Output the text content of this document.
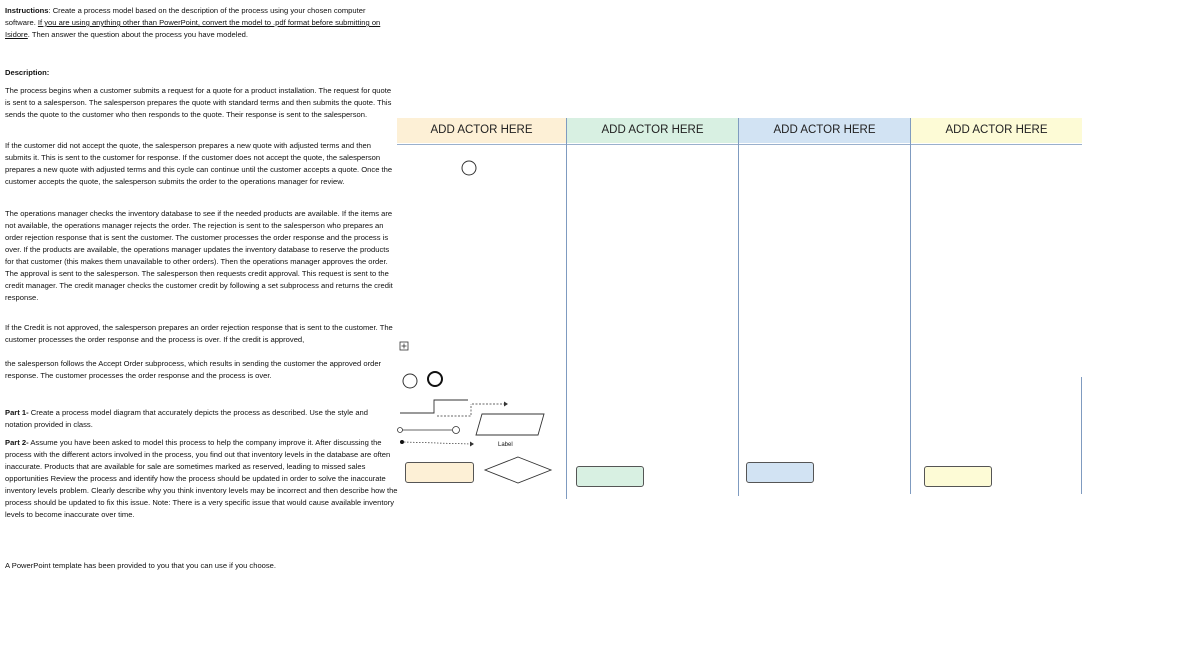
Instructions: Create a process model based on the description of the process using your chosen computer software. If you are using anything other than PowerPoint, convert the model to .pdf format before submitting on Isidore. Then answer the question about the process you have modeled.

Description:

The process begins when a customer submits a request for a quote for a product installation. The request for quote is sent to a salesperson. The salesperson prepares the quote with standard terms and then submits the quote. This sends the quote to the customer who then responds to the quote. Their response is sent to the salesperson.
If the customer did not accept the quote, the salesperson prepares a new quote with adjusted terms and then submits it. This is sent to the customer for response. If the customer does not accept the quote, the salesperson prepares a new quote with adjusted terms and this cycle can continue until the customer accepts a quote. Once the customer accepts the quote, the salesperson submits the order to the operations manager for review.
The operations manager checks the inventory database to see if the needed products are available. If the items are not available, the operations manager rejects the order. The rejection is sent to the salesperson who prepares an order rejection response that is sent the customer. The customer processes the order response and the process is over. If the products are available, the operations manager updates the inventory database to reserve the products for that customer (this makes them unavailable to other orders). Then the operations manager approves the order. The approval is sent to the salesperson. The salesperson then requests credit approval. This request is sent to the credit manager. The credit manager checks the customer credit by following a set subprocess and returns the credit response.
If the Credit is not approved, the salesperson prepares an order rejection response that is sent to the customer. The customer processes the order response and the process is over. If the credit is approved,
the salesperson follows the Accept Order subprocess, which results in sending the customer the approved order response. The customer processes the order response and the process is over.

Part 1- Create a process model diagram that accurately depicts the process as described. Use the style and notation provided in class.

Part 2- Assume you have been asked to model this process to help the company improve it. After discussing the process with the different actors involved in the process, you find out that inventory levels in the database are often inaccurate. Products that are available for sale are sometimes marked as reserved, leading to missed sales opportunities Review the process and identify how the process should be updated in order to solve the inaccurate inventory levels problem. Clearly describe why you think inventory levels may be incorrect and then describe how the process should be updated to fix this issue. Note: There is a very specific issue that would cause available inventory levels to become inaccurate over time.

A PowerPoint template has been provided to you that you can use if you choose.
ADD ACTOR HERE	ADD ACTOR HERE	ADD ACTOR HERE	ADD ACTOR HERE
Label
